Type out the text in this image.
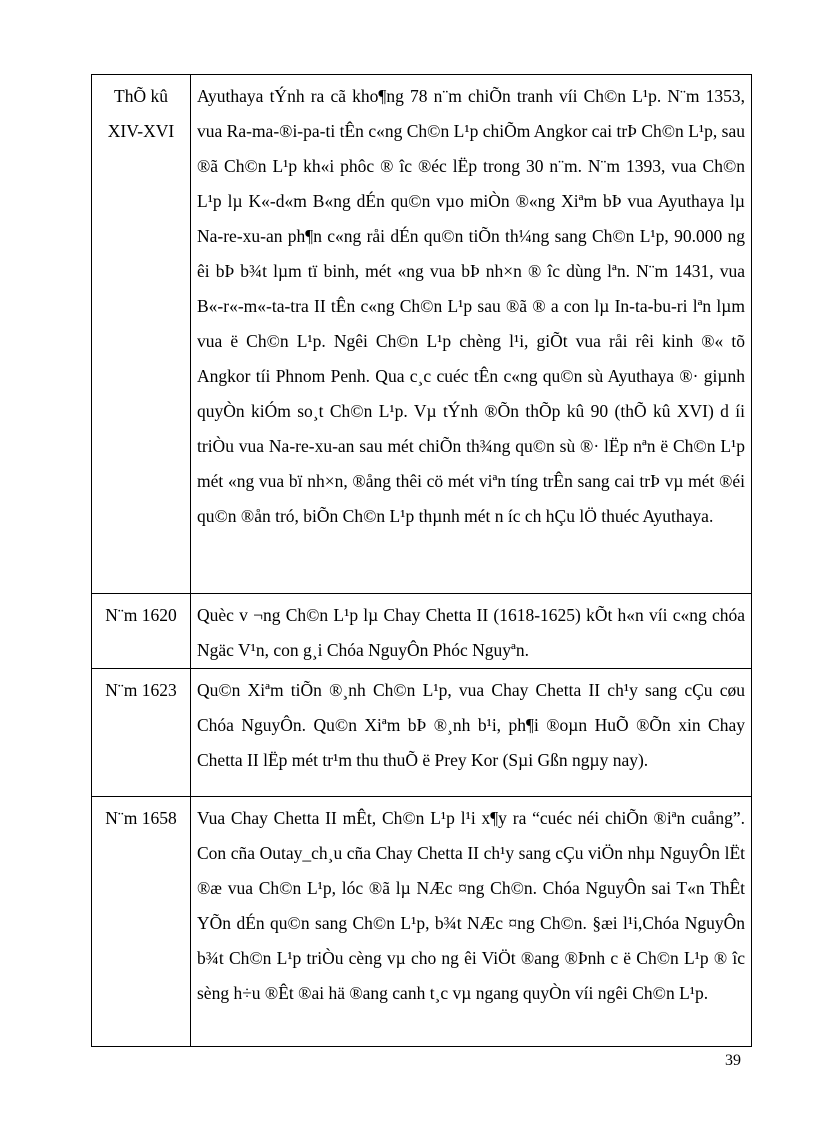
ThÕ kû
XIV-XVI	Ayuthaya tÝnh ra cã kho¶ng 78 n¨m chiÕn tranh víi Ch©n L¹p. N¨m 1353, vua Ra-ma-®i-pa-ti tÊn c«ng Ch©n L¹p chiÕm Angkor cai trÞ Ch©n L¹p, sau ®ã Ch©n L¹p kh«i phôc ® îc ®éc lËp trong 30 n¨m. N¨m 1393, vua Ch©n L¹p lµ K«-d«m B«ng dÉn qu©n vµo miÒn ®«ng Xiªm bÞ vua Ayuthaya lµ Na-re-xu-an ph¶n c«ng råi dÉn qu©n tiÕn th¼ng sang Ch©n L¹p, 90.000 ng êi bÞ b¾t lµm tï binh, mét «ng vua bÞ nh×n ® îc dùng lªn. N¨m 1431, vua B«-r«-m«-ta-tra II tÊn c«ng Ch©n L¹p sau ®ã ® a con lµ In-ta-bu-ri lªn lµm vua ë Ch©n L¹p. Ngêi Ch©n L¹p chèng l¹i, giÕt vua råi rêi kinh ®« tõ Angkor tíi Phnom Penh. Qua c¸c cuéc tÊn c«ng qu©n sù Ayuthaya ®· giµnh quyÒn kiÓm so¸t Ch©n L¹p. Vµ tÝnh ®Õn thÕp kû 90 (thÕ kû XVI) d íi triÒu vua Na-re-xu-an sau mét chiÕn th¾ng qu©n sù ®· lËp nªn ë Ch©n L¹p mét «ng vua bï nh×n, ®ång thêi cö mét viªn tíng trÊn sang cai trÞ vµ mét ®éi qu©n ®ån tró, biÕn Ch©n L¹p thµnh mét n íc ch hÇu lÖ thuéc Ayuthaya.
N¨m 1620	Quèc v ¬ng Ch©n L¹p lµ Chay Chetta II (1618-1625) kÕt h«n víi c«ng chóa Ngäc V¹n, con g¸i Chóa NguyÔn Phóc Nguyªn.
N¨m 1623	Qu©n Xiªm tiÕn ®¸nh Ch©n L¹p, vua Chay Chetta II ch¹y sang cÇu cøu Chóa NguyÔn. Qu©n Xiªm bÞ ®¸nh b¹i, ph¶i ®oµn HuÕ ®Õn xin Chay Chetta II lËp mét tr¹m thu thuÕ ë Prey Kor (Sµi Gßn ngµy nay).
N¨m 1658	Vua Chay Chetta II mÊt, Ch©n L¹p l¹i x¶y ra “cuéc néi chiÕn ®iªn cuång”. Con cña Outay_ch¸u cña Chay Chetta II ch¹y sang cÇu viÖn nhµ NguyÔn lËt ®æ vua Ch©n L¹p, lóc ®ã lµ NÆc ¤ng Ch©n. Chóa NguyÔn sai T«n ThÊt YÕn dÉn qu©n sang Ch©n L¹p, b¾t NÆc ¤ng Ch©n. §æi l¹i,Chóa NguyÔn b¾t Ch©n L¹p triÒu cèng vµ cho ng êi ViÖt ®ang ®Þnh c ë Ch©n L¹p ® îc sèng h÷u ®Êt ®ai hä ®ang canh t¸c vµ ngang quyÒn víi ngêi Ch©n L¹p.
39
